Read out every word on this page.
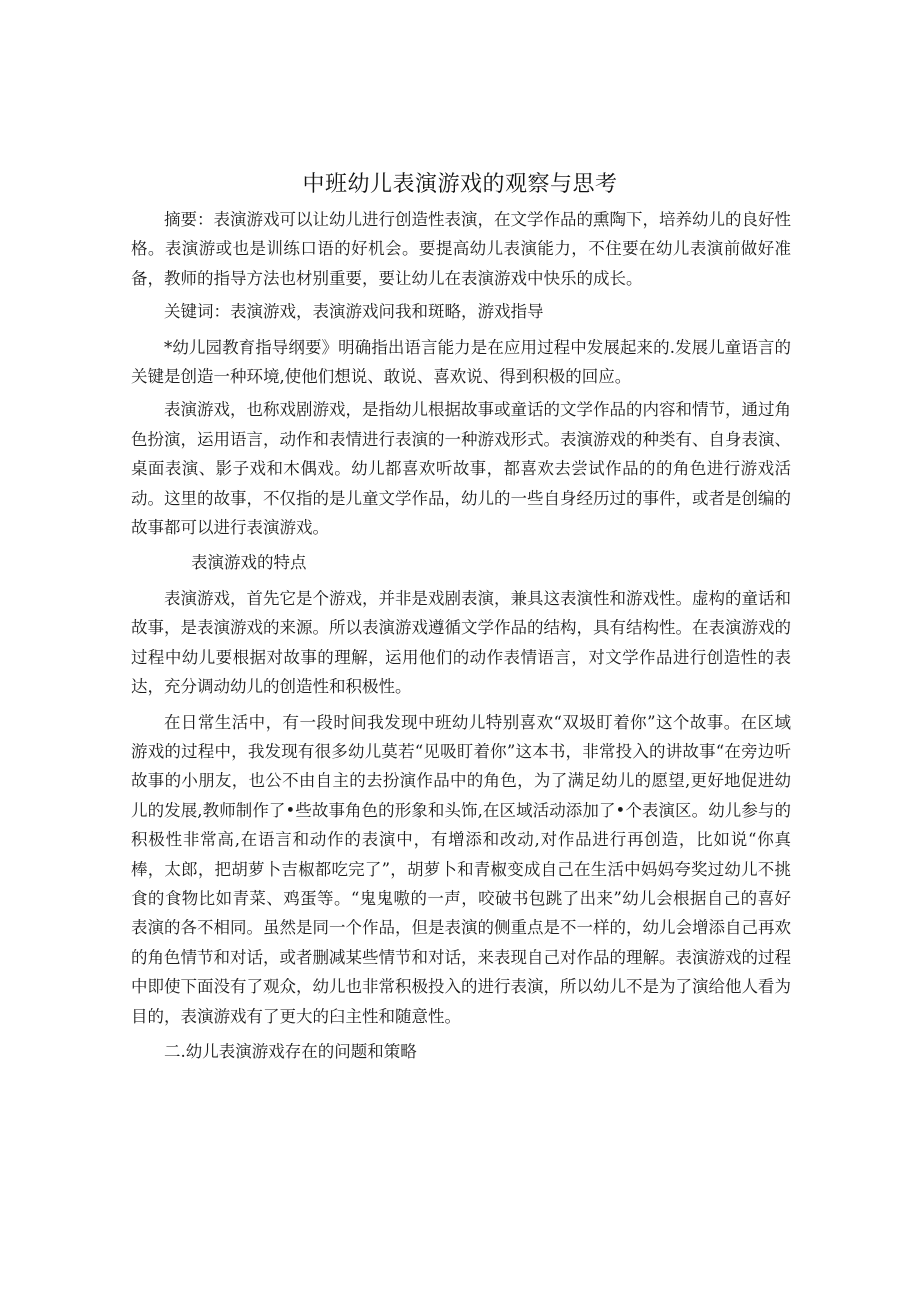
中班幼儿表演游戏的观察与思考

摘要：表演游戏可以让幼儿进行创造性表演，在文学作品的熏陶下，培养幼儿的良好性格。表演游或也是训练口语的好机会。要提高幼儿表演能力，不住要在幼儿表演前做好准备，教师的指导方法也材别重要，要让幼儿在表演游戏中快乐的成长。

关键词：表演游戏，表演游戏问我和斑略，游戏指导

*幼儿园教育指导纲要》明确指出语言能力是在应用过程中发展起来的.发展儿童语言的关键是创造一种环境,使他们想说、敢说、喜欢说、得到积极的回应。

表演游戏，也称戏剧游戏，是指幼儿根据故事或童话的文学作品的内容和情节，通过角色扮演，运用语言，动作和表情进行表演的一种游戏形式。表演游戏的种类有、自身表演、桌面表演、影子戏和木偶戏。幼儿都喜欢听故事，都喜欢去尝试作品的的角色进行游戏活动。这里的故事，不仅指的是儿童文学作品，幼儿的一些自身经历过的事件，或者是创编的故事都可以进行表演游戏。

表演游戏的特点

表演游戏，首先它是个游戏，并非是戏剧表演，兼具这表演性和游戏性。虚构的童话和故事，是表演游戏的来源。所以表演游戏遵循文学作品的结构，具有结构性。在表演游戏的过程中幼儿要根据对故事的理解，运用他们的动作表情语言，对文学作品进行创造性的表达，充分调动幼儿的创造性和积极性。

在日常生活中，有一段时间我发现中班幼儿特别喜欢“双圾盯着你”这个故事。在区域游戏的过程中，我发现有很多幼儿莫若“见吸盯着你”这本书，非常投入的讲故事“在旁边听故事的小朋友，也公不由自主的去扮演作品中的角色，为了满足幼儿的愿望,更好地促进幼儿的发展,教师制作了•些故事角色的形象和头饰,在区域活动添加了•个表演区。幼儿参与的积极性非常高,在语言和动作的表演中，有增添和改动,对作品进行再创造，比如说“你真棒，太郎，把胡萝卜吉椒都吃完了”，胡萝卜和青椒变成自己在生活中妈妈夸奖过幼儿不挑食的食物比如青菜、鸡蛋等。“鬼鬼嗷的一声，咬破书包跳了出来”幼儿会根据自己的喜好表演的各不相同。虽然是同一个作品，但是表演的侧重点是不一样的，幼儿会增添自己再欢的角色情节和对话，或者删减某些情节和对话，来表现自己对作品的理解。表演游戏的过程中即使下面没有了观众，幼儿也非常积极投入的进行表演，所以幼儿不是为了演给他人看为目的，表演游戏有了更大的臼主性和随意性。

二.幼儿表演游戏存在的问题和策略
